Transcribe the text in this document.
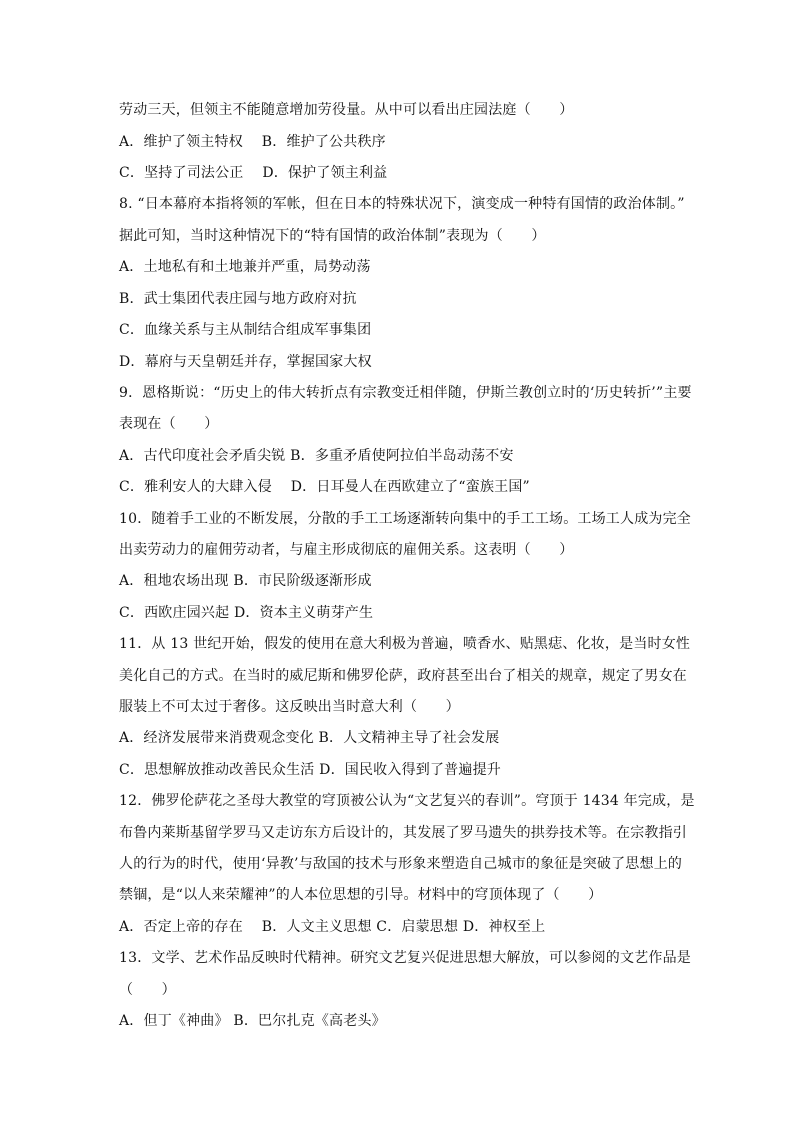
劳动三天，但领主不能随意增加劳役量。从中可以看出庄园法庭（　　）
A．维护了领主特权　 B．维护了公共秩序
C．坚持了司法公正　 D．保护了领主利益
8. “日本幕府本指将领的军帐，但在日本的特殊状况下，演变成一种特有国情的政治体制。”
据此可知，当时这种情况下的“特有国情的政治体制”表现为（　　）
A．土地私有和土地兼并严重，局势动荡
B．武士集团代表庄园与地方政府对抗
C．血缘关系与主从制结合组成军事集团
D．幕府与天皇朝廷并存，掌握国家大权
9．恩格斯说：“历史上的伟大转折点有宗教变迁相伴随，伊斯兰教创立时的‘历史转折’”主要
表现在（　　）
A．古代印度社会矛盾尖锐 B．多重矛盾使阿拉伯半岛动荡不安
C．雅利安人的大肆入侵　 D．日耳曼人在西欧建立了“蛮族王国”
10．随着手工业的不断发展，分散的手工工场逐渐转向集中的手工工场。工场工人成为完全
出卖劳动力的雇佣劳动者，与雇主形成彻底的雇佣关系。这表明（　　）
A．租地农场出现 B．市民阶级逐渐形成
C．西欧庄园兴起 D．资本主义萌芽产生
11．从 13 世纪开始，假发的使用在意大利极为普遍，喷香水、贴黑痣、化妆，是当时女性
美化自己的方式。在当时的威尼斯和佛罗伦萨，政府甚至出台了相关的规章，规定了男女在
服装上不可太过于奢侈。这反映出当时意大利（　　）
A．经济发展带来消费观念变化 B．人文精神主导了社会发展
C．思想解放推动改善民众生活 D．国民收入得到了普遍提升
12．佛罗伦萨花之圣母大教堂的穹顶被公认为“文艺复兴的春训”。穹顶于 1434 年完成，是
布鲁内莱斯基留学罗马又走访东方后设计的，其发展了罗马遗失的拱券技术等。在宗教指引
人的行为的时代，使用‘异教’与敌国的技术与形象来塑造自己城市的象征是突破了思想上的
禁锢，是“以人来荣耀神”的人本位思想的引导。材料中的穹顶体现了（　　）
A．否定上帝的存在　 B．人文主义思想 C．启蒙思想 D．神权至上
13．文学、艺术作品反映时代精神。研究文艺复兴促进思想大解放，可以参阅的文艺作品是
（　　）
A．但丁《神曲》 B．巴尔扎克《高老头》
